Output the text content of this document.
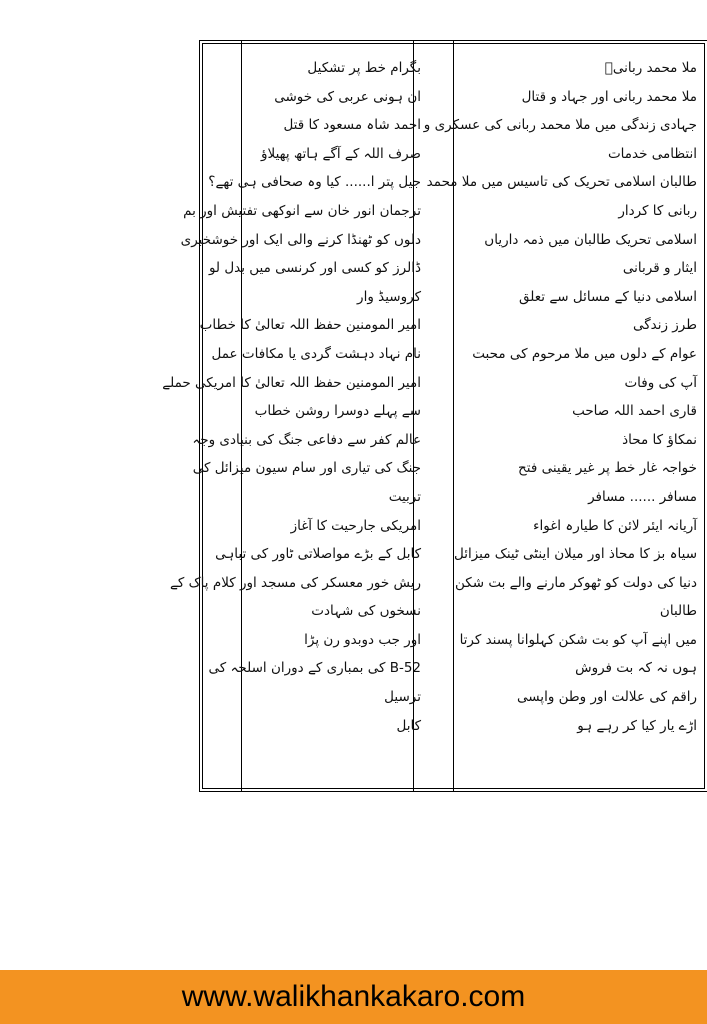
ملا محمد ربانیؒ
ملا محمد ربانی اور جہاد و قتال
جہادی زندگی میں ملا محمد ربانی کی عسکری و
انتظامی خدمات
طالبان اسلامی تحریک کی تاسیس میں ملا محمد
ربانی کا کردار
اسلامی تحریک طالبان میں ذمہ داریاں
ایثار و قربانی
اسلامی دنیا کے مسائل سے تعلق
طرز زندگی
عوام کے دلوں میں ملا مرحوم کی محبت
آپ کی وفات
قاری احمد اللہ صاحب
نمکاؤ کا محاذ
خواجہ غار خط پر غیر یقینی فتح
مسافر ...... مسافر
آریانہ ایئر لائن کا طیارہ اغواء
سیاہ بز کا محاذ اور میلان اینٹی ٹینک میزائل
دنیا کی دولت کو ٹھوکر مارنے والے بت شکن
طالبان
میں اپنے آپ کو بت شکن کہلوانا پسند کرتا
ہوں نہ کہ بت فروش
راقم کی علالت اور وطن واپسی
اڑے یار کیا کر رہے ہو
بگرام خط پر تشکیل
ان ہونی عربی کی خوشی
احمد شاہ مسعود کا قتل
صرف اللہ کے آگے ہاتھ پھیلاؤ
جیل پتر ا...... کیا وہ صحافی ہی تھے؟
ترجمان انور خان سے انوکھی تفتیش اور بم
دلوں کو ٹھنڈا کرنے والی ایک اور خوشخبری
ڈالرز کو کسی اور کرنسی میں بدل لو
کروسیڈ وار
امیر المومنین حفظ اللہ تعالیٰ کا خطاب
نام نہاد دہشت گردی یا مکافات عمل
امیر المومنین حفظ اللہ تعالیٰ کا امریکی حملے
سے پہلے دوسرا روشن خطاب
عالم کفر سے دفاعی جنگ کی بنیادی وجہ
جنگ کی تیاری اور سام سیون میزائل کی
تربیت
امریکی جارحیت کا آغاز
کابل کے بڑے مواصلاتی ٹاور کی تباہی
ریش خور معسکر کی مسجد اور کلام پاک کے
نسخوں کی شہادت
اور جب دوبدو رن پڑا
B-52 کی بمباری کے دوران اسلحہ کی
ترسیل
کابل
www.walikhankakaro.com
